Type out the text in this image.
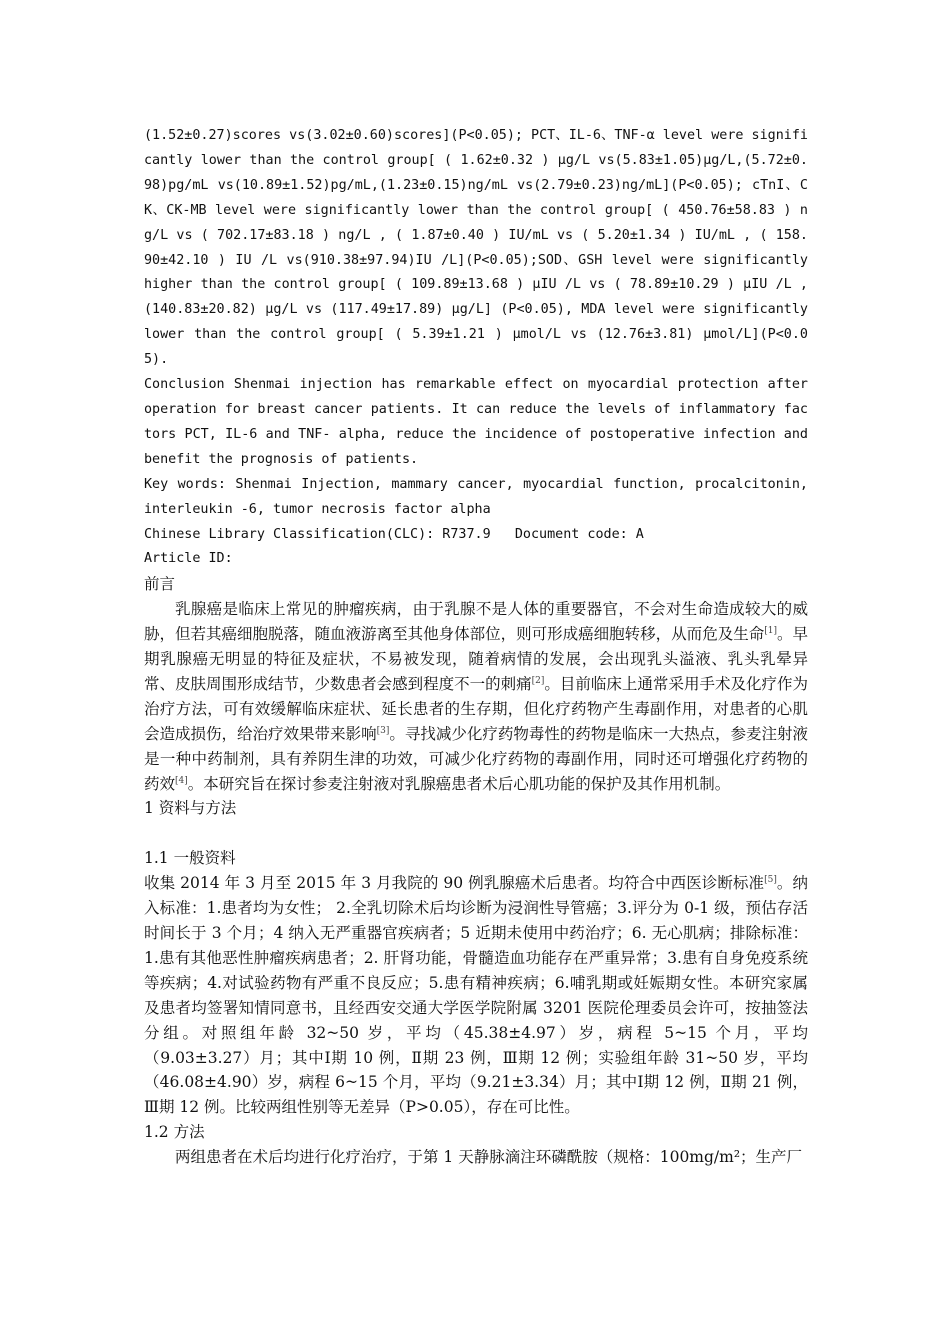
(1.52±0.27)scores vs(3.02±0.60)scores](P<0.05); PCT、IL-6、TNF-α level were significantly lower than the control group[ ( 1.62±0.32 ) μg/L vs(5.83±1.05)μg/L,(5.72±0.98)pg/mL vs(10.89±1.52)pg/mL,(1.23±0.15)ng/mL vs(2.79±0.23)ng/mL](P<0.05); cTnI、CK、CK-MB level were significantly lower than the control group[ ( 450.76±58.83 ) ng/L vs ( 702.17±83.18 ) ng/L , ( 1.87±0.40 ) IU/mL vs ( 5.20±1.34 ) IU/mL , ( 158.90±42.10 ) IU /L vs(910.38±97.94)IU /L](P<0.05);SOD、GSH level were significantly higher than the control group[ ( 109.89±13.68 ) μIU /L vs ( 78.89±10.29 ) μIU /L , (140.83±20.82) μg/L vs (117.49±17.89) μg/L] (P<0.05), MDA level were significantly lower than the control group[ ( 5.39±1.21 ) μmol/L vs (12.76±3.81) μmol/L](P<0.05).

Conclusion Shenmai injection has remarkable effect on myocardial protection after operation for breast cancer patients. It can reduce the levels of inflammatory factors PCT, IL-6 and TNF- alpha, reduce the incidence of postoperative infection and benefit the prognosis of patients.

Key words: Shenmai Injection, mammary cancer, myocardial function, procalcitonin, interleukin -6, tumor necrosis factor alpha

Chinese Library Classification(CLC): R737.9   Document code: A

Article ID:

前言

乳腺癌是临床上常见的肿瘤疾病，由于乳腺不是人体的重要器官，不会对生命造成较大的威胁，但若其癌细胞脱落，随血液游离至其他身体部位，则可形成癌细胞转移，从而危及生命[1]。早期乳腺癌无明显的特征及症状，不易被发现，随着病情的发展，会出现乳头溢液、乳头乳晕异常、皮肤周围形成结节，少数患者会感到程度不一的刺痛[2]。目前临床上通常采用手术及化疗作为治疗方法，可有效缓解临床症状、延长患者的生存期，但化疗药物产生毒副作用，对患者的心肌会造成损伤，给治疗效果带来影响[3]。寻找减少化疗药物毒性的药物是临床一大热点，参麦注射液是一种中药制剂，具有养阴生津的功效，可减少化疗药物的毒副作用，同时还可增强化疗药物的药效[4]。本研究旨在探讨参麦注射液对乳腺癌患者术后心肌功能的保护及其作用机制。

1 资料与方法

1.1 一般资料

收集 2014 年 3 月至 2015 年 3 月我院的 90 例乳腺癌术后患者。均符合中西医诊断标准[5]。纳入标准：1.患者均为女性； 2.全乳切除术后均诊断为浸润性导管癌；3.评分为 0-1 级，预估存活时间长于 3 个月；4 纳入无严重器官疾病者；5 近期未使用中药治疗；6. 无心肌病；排除标准：1.患有其他恶性肿瘤疾病患者；2. 肝肾功能，骨髓造血功能存在严重异常；3.患有自身免疫系统等疾病；4.对试验药物有严重不良反应；5.患有精神疾病；6.哺乳期或妊娠期女性。本研究家属及患者均签署知情同意书，且经西安交通大学医学院附属 3201 医院伦理委员会许可，按抽签法分组。对照组年龄 32~50 岁，平均（45.38±4.97）岁，病程 5~15 个月，平均（9.03±3.27）月；其中Ⅰ期 10 例，Ⅱ期 23 例，Ⅲ期 12 例；实验组年龄 31~50 岁，平均（46.08±4.90）岁，病程 6~15 个月，平均（9.21±3.34）月；其中Ⅰ期 12 例，Ⅱ期 21 例，Ⅲ期 12 例。比较两组性别等无差异（P>0.05），存在可比性。

1.2 方法

两组患者在术后均进行化疗治疗，于第 1 天静脉滴注环磷酰胺（规格：100mg/m²；生产厂
